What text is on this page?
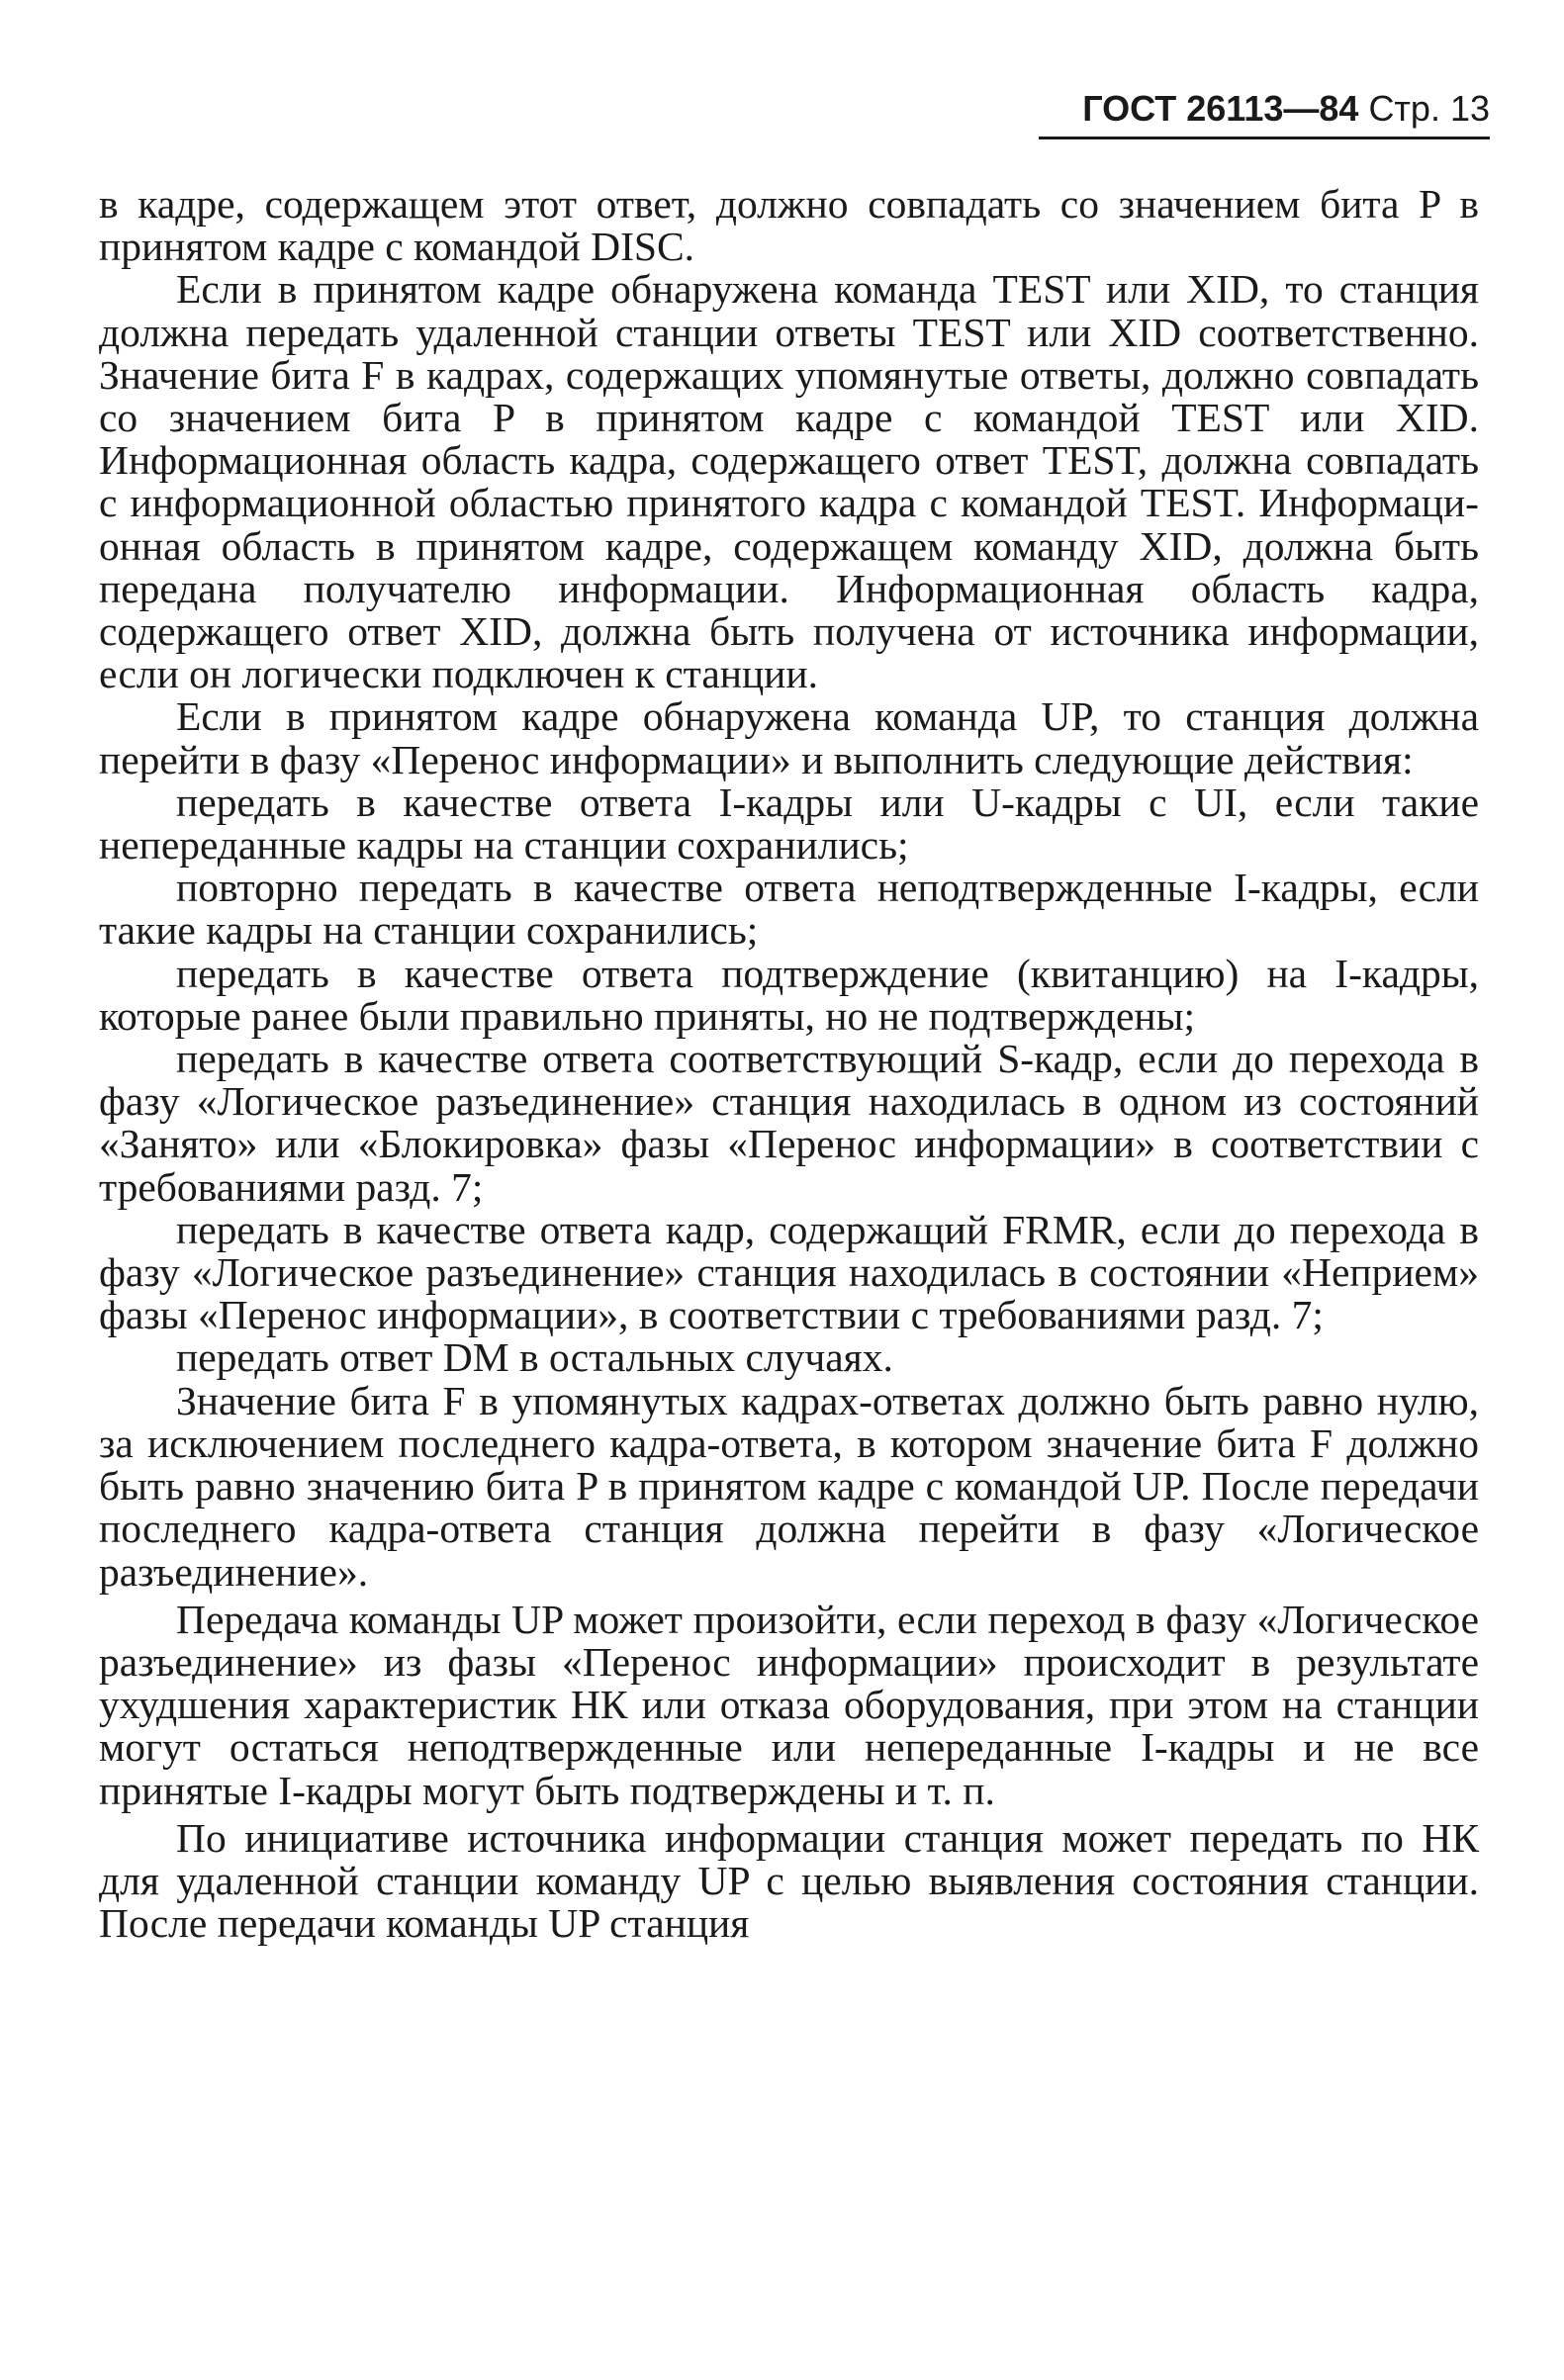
ГОСТ 26113—84 Стр. 13

в кадре, содержащем этот ответ, должно совпадать со значением бита P в принятом кадре с командой DISC.

Если в принятом кадре обнаружена команда TEST или XID, то станция должна передать удаленной станции ответы TEST или XID соответственно. Значение бита F в кадрах, содержащих упомянутые ответы, должно совпадать со значением бита P в принятом кадре с командой TEST или XID. Информационная область кадра, содержащего ответ TEST, должна совпадать с информационной областью принятого кадра с командой TEST. Информационная область в принятом кадре, содержащем команду XID, должна быть передана получателю информации. Информационная область кадра, содержащего ответ XID, должна быть получена от источника информации, если он логически подключен к станции.

Если в принятом кадре обнаружена команда UP, то станция должна перейти в фазу «Перенос информации» и выполнить следующие действия:

передать в качестве ответа I-кадры или U-кадры с UI, если такие непереданные кадры на станции сохранились;

повторно передать в качестве ответа неподтвержденные I-кадры, если такие кадры на станции сохранились;

передать в качестве ответа подтверждение (квитанцию) на I-кадры, которые ранее были правильно приняты, но не подтверждены;

передать в качестве ответа соответствующий S-кадр, если до перехода в фазу «Логическое разъединение» станция находилась в одном из состояний «Занято» или «Блокировка» фазы «Перенос информации» в соответствии с требованиями разд. 7;

передать в качестве ответа кадр, содержащий FRMR, если до перехода в фазу «Логическое разъединение» станция находилась в состоянии «Неприем» фазы «Перенос информации», в соответствии с требованиями разд. 7;

передать ответ DM в остальных случаях.

Значение бита F в упомянутых кадрах-ответах должно быть равно нулю, за исключением последнего кадра-ответа, в котором значение бита F должно быть равно значению бита P в принятом кадре с командой UP. После передачи последнего кадра-ответа станция должна перейти в фазу «Логическое разъединение».

Передача команды UP может произойти, если переход в фазу «Логическое разъединение» из фазы «Перенос информации» происходит в результате ухудшения характеристик НК или отказа оборудования, при этом на станции могут остаться неподтвержденные или непереданные I-кадры и не все принятые I-кадры могут быть подтверждены и т. п.

По инициативе источника информации станция может передать по НК для удаленной станции команду UP с целью выявления состояния станции. После передачи команды UP станция
